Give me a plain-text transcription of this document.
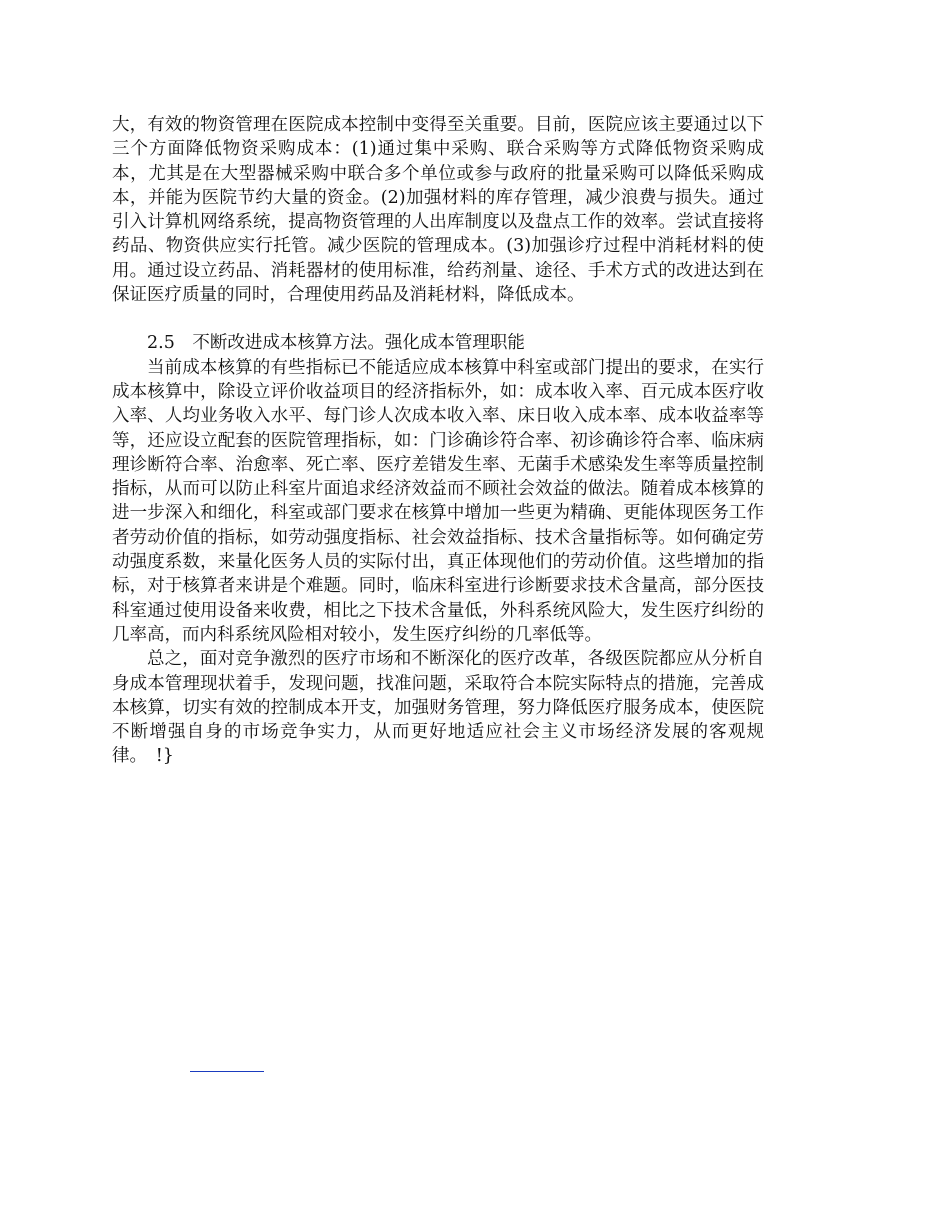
大，有效的物资管理在医院成本控制中变得至关重要。目前，医院应该主要通过以下三个方面降低物资采购成本：(1)通过集中采购、联合采购等方式降低物资采购成本，尤其是在大型器械采购中联合多个单位或参与政府的批量采购可以降低采购成本，并能为医院节约大量的资金。(2)加强材料的库存管理，减少浪费与损失。通过引入计算机网络系统，提高物资管理的人出库制度以及盘点工作的效率。尝试直接将药品、物资供应实行托管。减少医院的管理成本。(3)加强诊疗过程中消耗材料的使用。通过设立药品、消耗器材的使用标准，给药剂量、途径、手术方式的改进达到在保证医疗质量的同时，合理使用药品及消耗材料，降低成本。

2.5　不断改进成本核算方法。强化成本管理职能

当前成本核算的有些指标已不能适应成本核算中科室或部门提出的要求，在实行成本核算中，除设立评价收益项目的经济指标外，如：成本收入率、百元成本医疗收入率、人均业务收入水平、每门诊人次成本收入率、床日收入成本率、成本收益率等等，还应设立配套的医院管理指标，如：门诊确诊符合率、初诊确诊符合率、临床病理诊断符合率、治愈率、死亡率、医疗差错发生率、无菌手术感染发生率等质量控制指标，从而可以防止科室片面追求经济效益而不顾社会效益的做法。随着成本核算的进一步深入和细化，科室或部门要求在核算中增加一些更为精确、更能体现医务工作者劳动价值的指标，如劳动强度指标、社会效益指标、技术含量指标等。如何确定劳动强度系数，来量化医务人员的实际付出，真正体现他们的劳动价值。这些增加的指标，对于核算者来讲是个难题。同时，临床科室进行诊断要求技术含量高，部分医技科室通过使用设备来收费，相比之下技术含量低，外科系统风险大，发生医疗纠纷的几率高，而内科系统风险相对较小，发生医疗纠纷的几率低等。

总之，面对竞争激烈的医疗市场和不断深化的医疗改革，各级医院都应从分析自身成本管理现状着手，发现问题，找准问题，采取符合本院实际特点的措施，完善成本核算，切实有效的控制成本开支，加强财务管理，努力降低医疗服务成本，使医院不断增强自身的市场竞争实力，从而更好地适应社会主义市场经济发展的客观规律。　!}
